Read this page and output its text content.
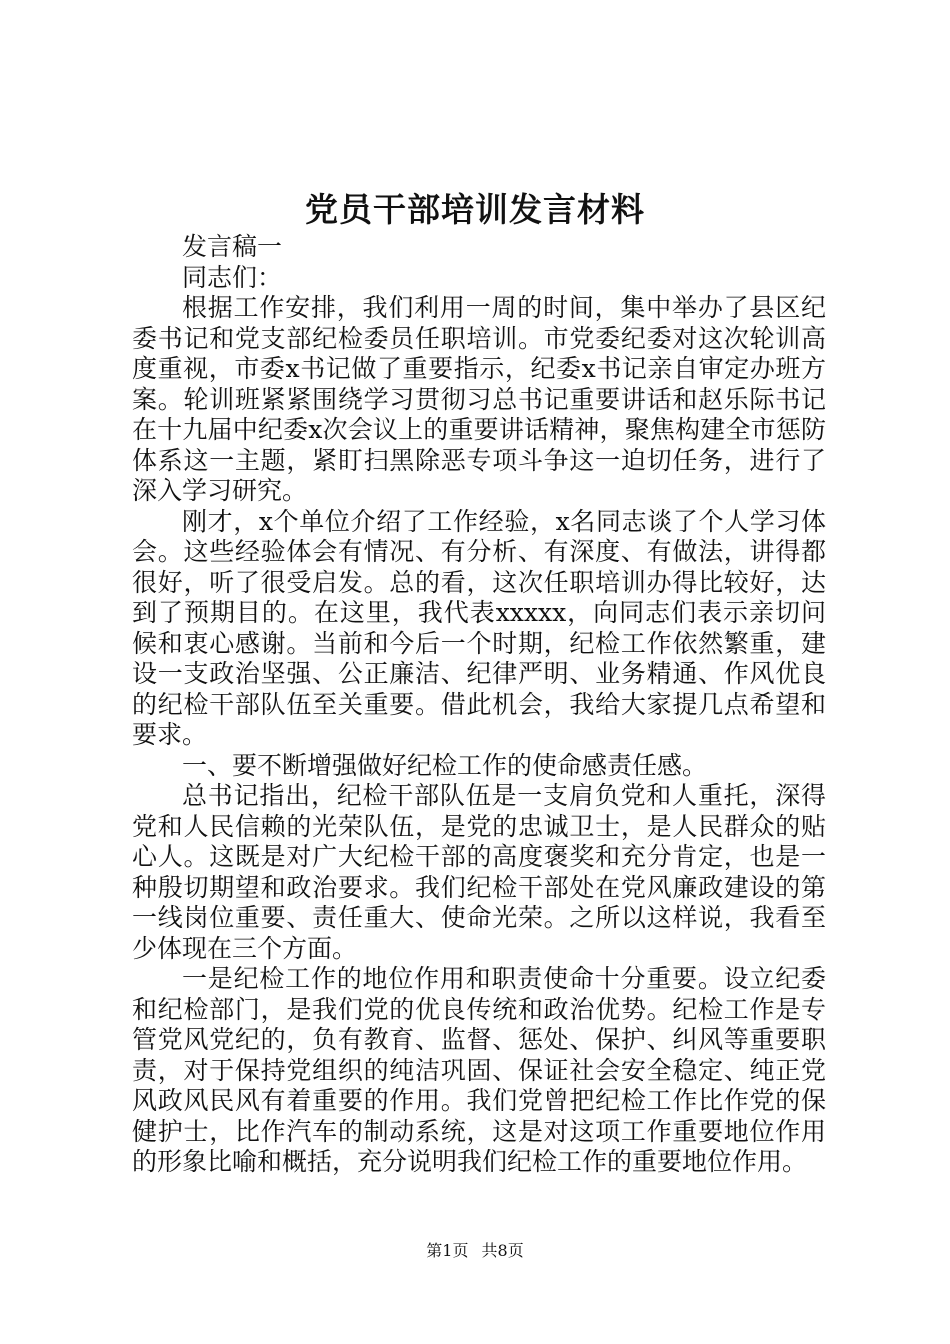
党员干部培训发言材料

发言稿一

同志们：

根据工作安排，我们利用一周的时间，集中举办了县区纪委书记和党支部纪检委员任职培训。市党委纪委对这次轮训高度重视，市委x书记做了重要指示，纪委x书记亲自审定办班方案。轮训班紧紧围绕学习贯彻习总书记重要讲话和赵乐际书记在十九届中纪委x次会议上的重要讲话精神，聚焦构建全市惩防体系这一主题，紧盯扫黑除恶专项斗争这一迫切任务，进行了深入学习研究。

刚才，x个单位介绍了工作经验，x名同志谈了个人学习体会。这些经验体会有情况、有分析、有深度、有做法，讲得都很好，听了很受启发。总的看，这次任职培训办得比较好，达到了预期目的。在这里，我代表xxxxx，向同志们表示亲切问候和衷心感谢。当前和今后一个时期，纪检工作依然繁重，建设一支政治坚强、公正廉洁、纪律严明、业务精通、作风优良的纪检干部队伍至关重要。借此机会，我给大家提几点希望和要求。

一、要不断增强做好纪检工作的使命感责任感。

总书记指出，纪检干部队伍是一支肩负党和人重托，深得党和人民信赖的光荣队伍，是党的忠诚卫士，是人民群众的贴心人。这既是对广大纪检干部的高度褒奖和充分肯定，也是一种殷切期望和政治要求。我们纪检干部处在党风廉政建设的第一线岗位重要、责任重大、使命光荣。之所以这样说，我看至少体现在三个方面。

一是纪检工作的地位作用和职责使命十分重要。设立纪委和纪检部门，是我们党的优良传统和政治优势。纪检工作是专管党风党纪的，负有教育、监督、惩处、保护、纠风等重要职责，对于保持党组织的纯洁巩固、保证社会安全稳定、纯正党风政风民风有着重要的作用。我们党曾把纪检工作比作党的保健护士，比作汽车的制动系统，这是对这项工作重要地位作用的形象比喻和概括，充分说明我们纪检工作的重要地位作用。

第1页 共8页
